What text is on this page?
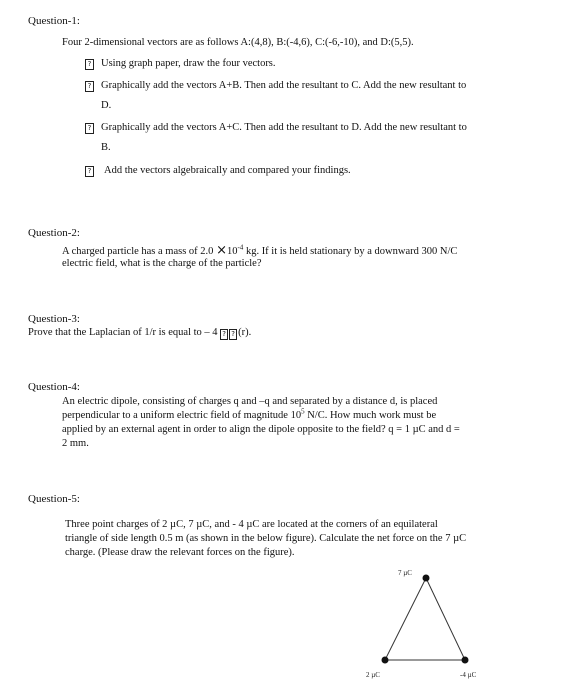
Question-1:
Four 2-dimensional vectors are as follows A:(4,8), B:(-4,6), C:(-6,-10), and D:(5,5).
? Using graph paper, draw the four vectors.
? Graphically add the vectors A+B. Then add the resultant to C. Add the new resultant to
D.
? Graphically add the vectors A+C. Then add the resultant to D. Add the new resultant to
B.
? Add the vectors algebraically and compared your findings.
Question-2:
A charged particle has a mass of $2.0 \times 10^{-4}$ kg. If it is held stationary by a downward 300 N/C
electric field, what is the charge of the particle?
Question-3:
Prove that the Laplacian of 1/r is equal to – 4 ? ? (r).
Question-4:
An electric dipole, consisting of charges q and –q and separated by a distance d, is placed
perpendicular to a uniform electric field of magnitude $10^5$ N/C. How much work must be
applied by an external agent in order to align the dipole opposite to the field? q = 1 µC and d =
2 mm.
Question-5:
Three point charges of 2 µC, 7 µC, and - 4 µC are located at the corners of an equilateral
triangle of side length 0.5 m (as shown in the below figure). Calculate the net force on the 7 µC
charge. (Please draw the relevant forces on the figure).
7 µC
2 µC	-4 µC
